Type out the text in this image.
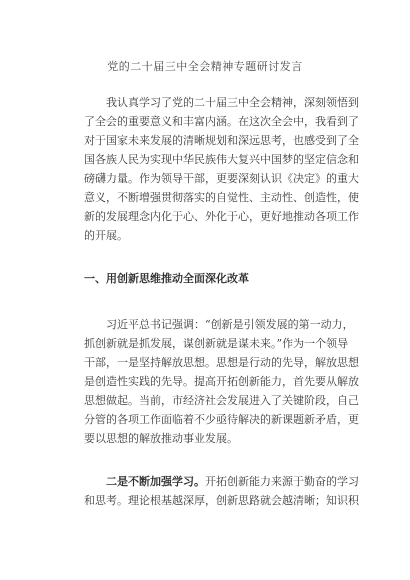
党的二十届三中全会精神专题研讨发言
我认真学习了党的二十届三中全会精神，深刻领悟到
了全会的重要意义和丰富内涵。在这次全会中，我看到了
对于国家未来发展的清晰规划和深远思考，也感受到了全
国各族人民为实现中华民族伟大复兴中国梦的坚定信念和
磅礴力量。作为领导干部，更要深刻认识《决定》的重大
意义，不断增强贯彻落实的自觉性、主动性、创造性，使
新的发展理念内化于心、外化于心，更好地推动各项工作
的开展。
一、用创新思维推动全面深化改革
习近平总书记强调：“创新是引领发展的第一动力，
抓创新就是抓发展，谋创新就是谋未来。”作为一个领导
干部，一是坚持解放思想。思想是行动的先导，解放思想
是创造性实践的先导。提高开拓创新能力，首先要从解放
思想做起。当前，市经济社会发展进入了关键阶段，自己
分管的各项工作面临着不少亟待解决的新课题新矛盾，更
要以思想的解放推动事业发展。
二是不断加强学习。开拓创新能力来源于勤奋的学习
和思考。理论根基越深厚，创新思路就会越清晰；知识积
